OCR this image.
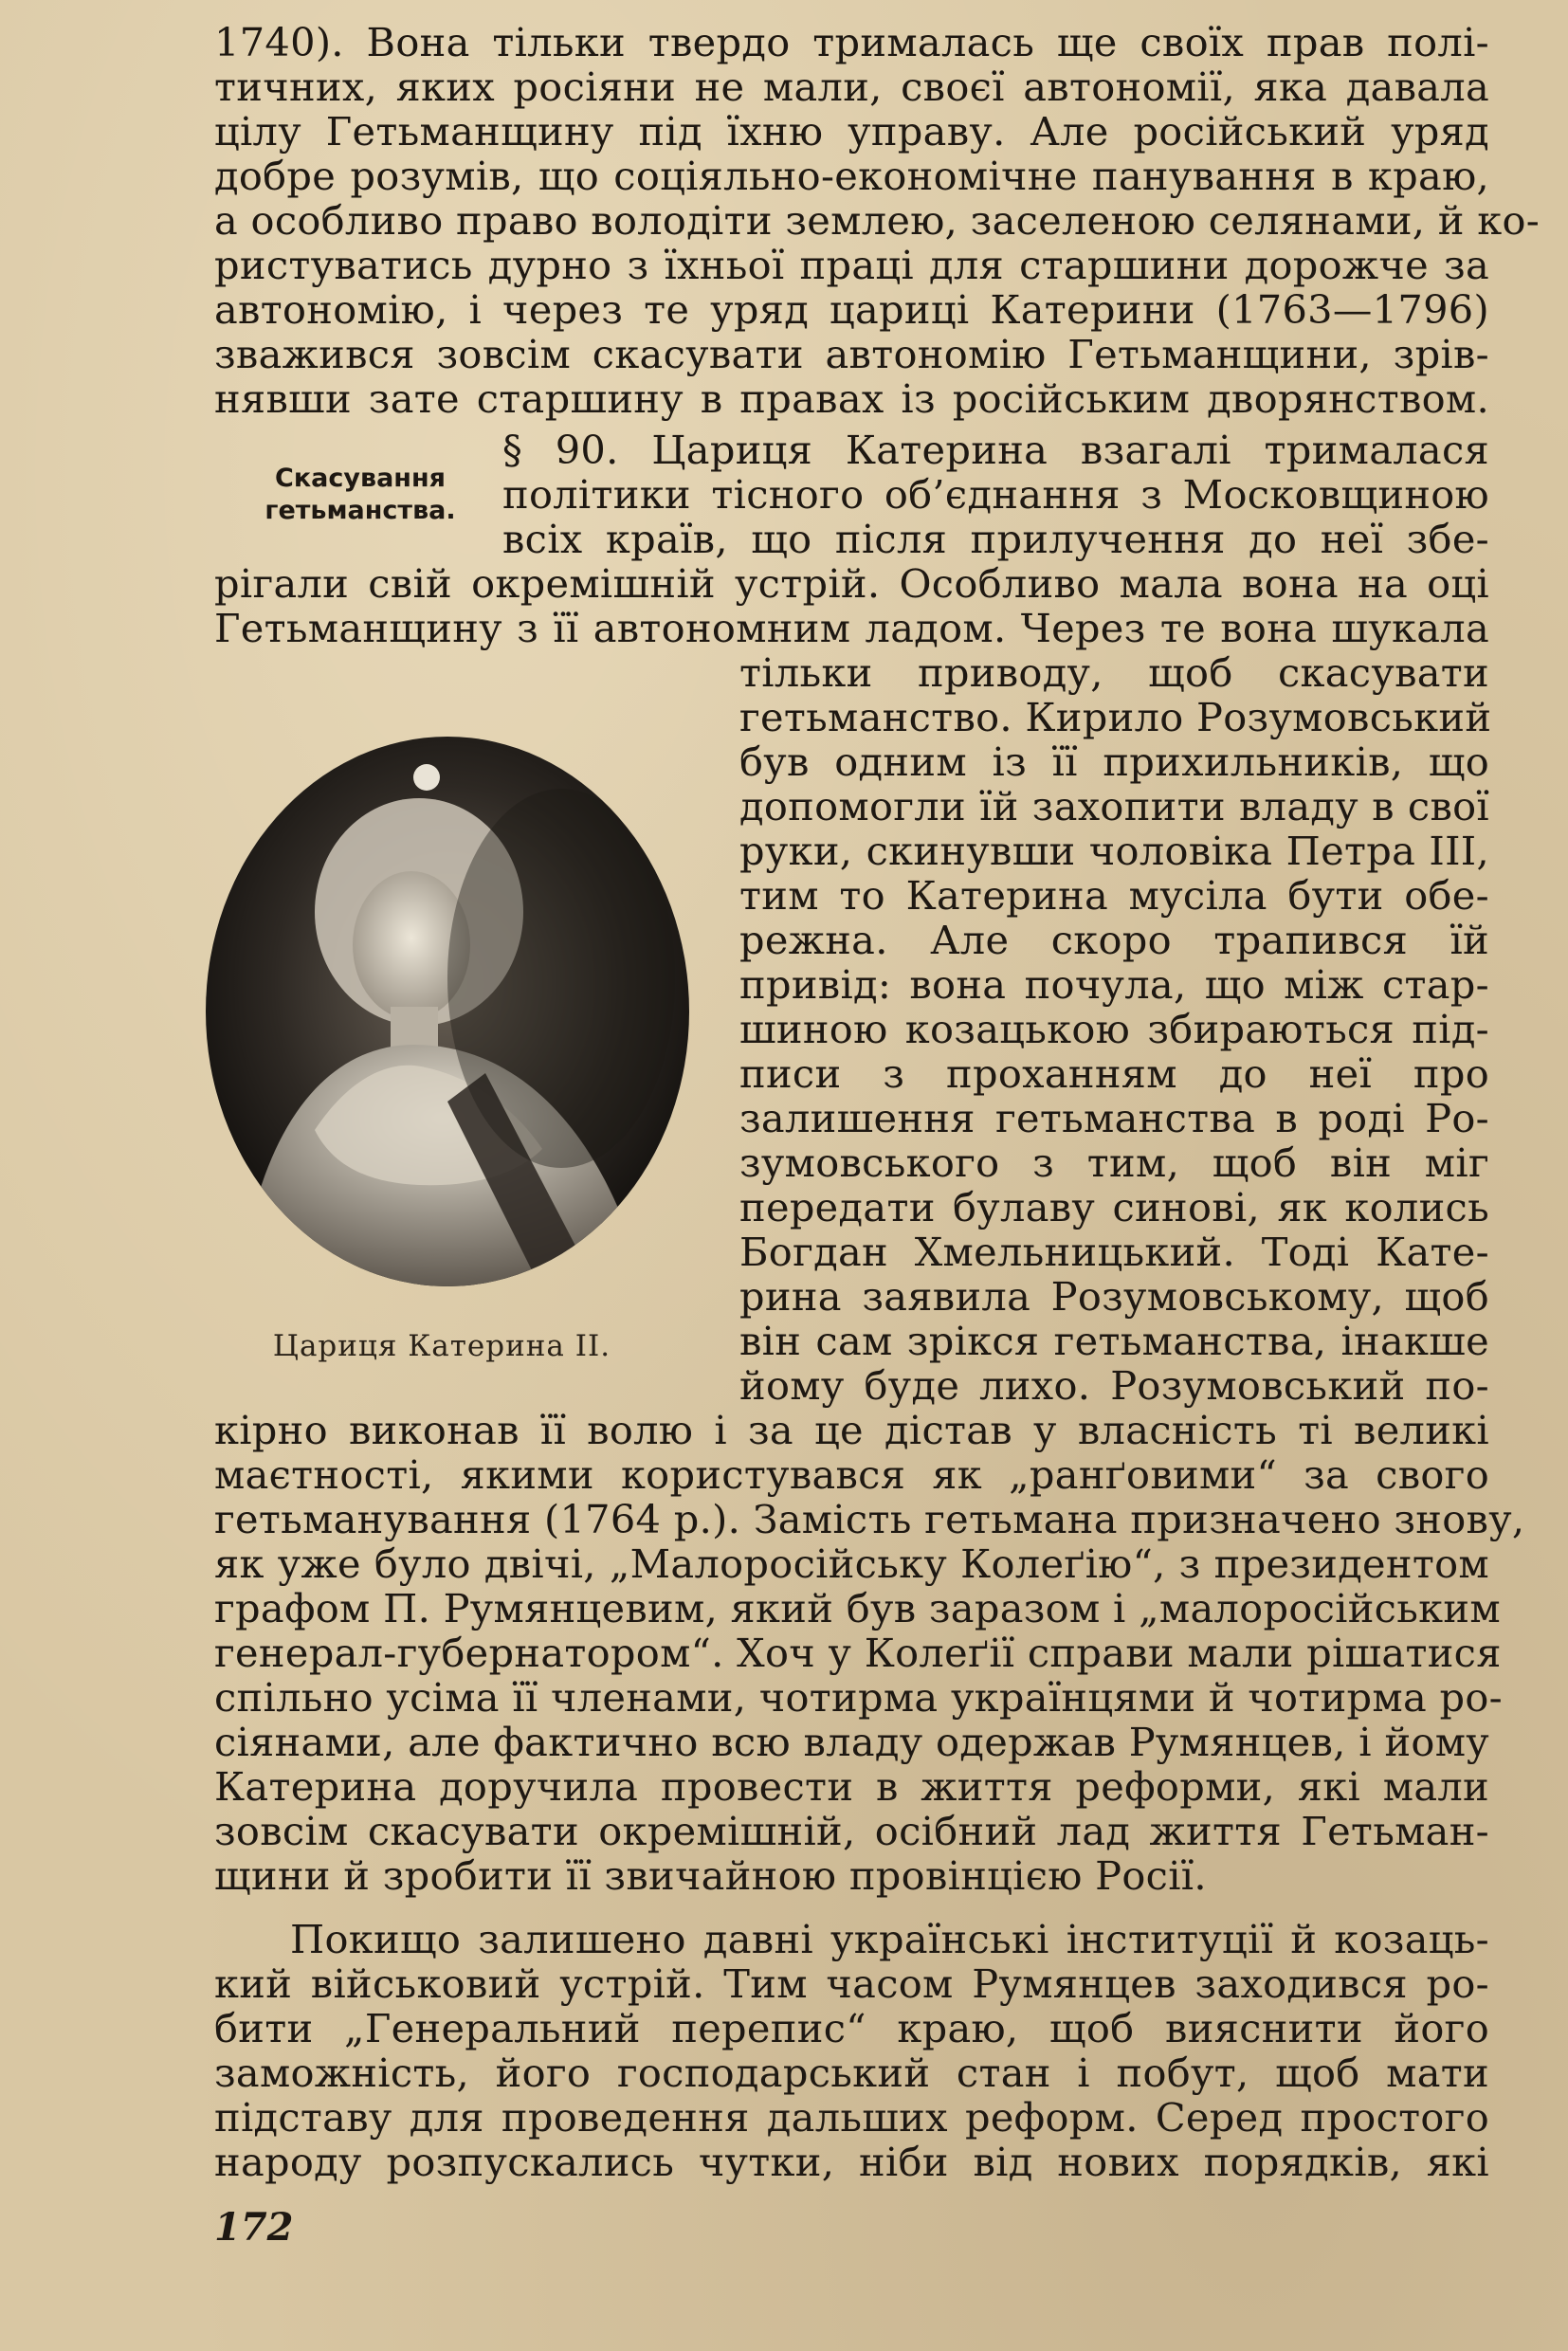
1740). Вона тільки твердо трималась ще своїх прав полі-
тичних, яких росіяни не мали, своєї автономії, яка давала
цілу Гетьманщину під їхню управу. Але російський уряд
добре розумів, що соціяльно-економічне панування в краю,
а особливо право володіти землею, заселеною селянами, й ко-
ристуватись дурно з їхньої праці для старшини дорожче за
автономію, і через те уряд цариці Катерини (1763—1796)
зважився зовсім скасувати автономію Гетьманщини, зрів-
нявши зате старшину в правах із російським дворянством.
Скасування
гетьманства.
§ 90. Цариця Катерина взагалі трималася
політики тісного об’єднання з Московщиною
всіх країв, що після прилучення до неї збе-
рігали свій окремішній устрій. Особливо мала вона на оці
Гетьманщину з її автономним ладом. Через те вона шукала
Цариця Катерина II.
тільки приводу, щоб скасувати
гетьманство. Кирило Розумовський
був одним із її прихильників, що
допомогли їй захопити владу в свої
руки, скинувши чоловіка Петра III,
тим то Катерина мусіла бути обе-
режна. Але скоро трапився їй
привід: вона почула, що між стар-
шиною козацькою збираються під-
писи з проханням до неї про
залишення гетьманства в роді Ро-
зумовського з тим, щоб він міг
передати булаву синові, як колись
Богдан Хмельницький. Тоді Кате-
рина заявила Розумовському, щоб
він сам зрікся гетьманства, інакше
йому буде лихо. Розумовський по-
кірно виконав її волю і за це дістав у власність ті великі
маєтності, якими користувався як „ранґовими“ за свого
гетьманування (1764 р.). Замість гетьмана призначено знову,
як уже було двічі, „Малоросійську Колеґію“, з президентом
графом П. Румянцевим, який був заразом і „малоросійським
генерал-губернатором“. Хоч у Колеґії справи мали рішатися
спільно усіма її членами, чотирма українцями й чотирма ро-
сіянами, але фактично всю владу одержав Румянцев, і йому
Катерина доручила провести в життя реформи, які мали
зовсім скасувати окремішній, осібний лад життя Гетьман-
щини й зробити її звичайною провінцією Росії.
Покищо залишено давні українські інституції й козаць-
кий військовий устрій. Тим часом Румянцев заходився ро-
бити „Генеральний перепис“ краю, щоб вияснити його
заможність, його господарський стан і побут, щоб мати
підставу для проведення дальших реформ. Серед простого
народу розпускались чутки, ніби від нових порядків, які
172
